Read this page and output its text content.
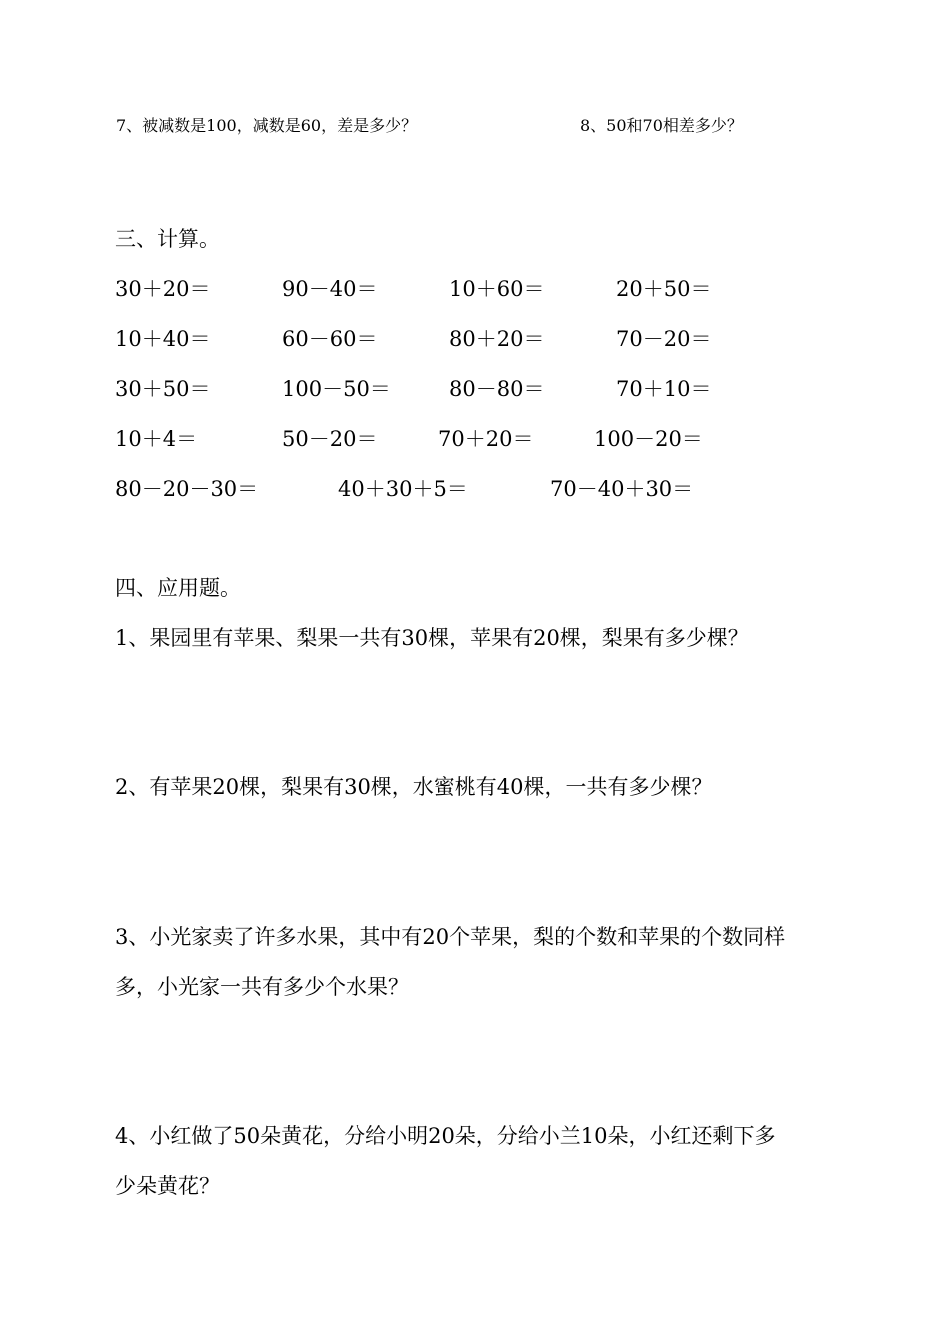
7、被减数是100，减数是60，差是多少？	8、50和70相差多少？
三、计算。
30＋20＝	90－40＝	10＋60＝	20＋50＝
10＋40＝	60－60＝	80＋20＝	70－20＝
30＋50＝	100－50＝	80－80＝	70＋10＝
10＋4＝	50－20＝	70＋20＝	100－20＝
80－20－30＝	40＋30＋5＝	70－40＋30＝
四、应用题。
1、果园里有苹果、梨果一共有30棵，苹果有20棵，梨果有多少棵？
2、有苹果20棵，梨果有30棵，水蜜桃有40棵，一共有多少棵？
3、小光家卖了许多水果，其中有20个苹果，梨的个数和苹果的个数同样
多，小光家一共有多少个水果？
4、小红做了50朵黄花，分给小明20朵，分给小兰10朵，小红还剩下多
少朵黄花？
